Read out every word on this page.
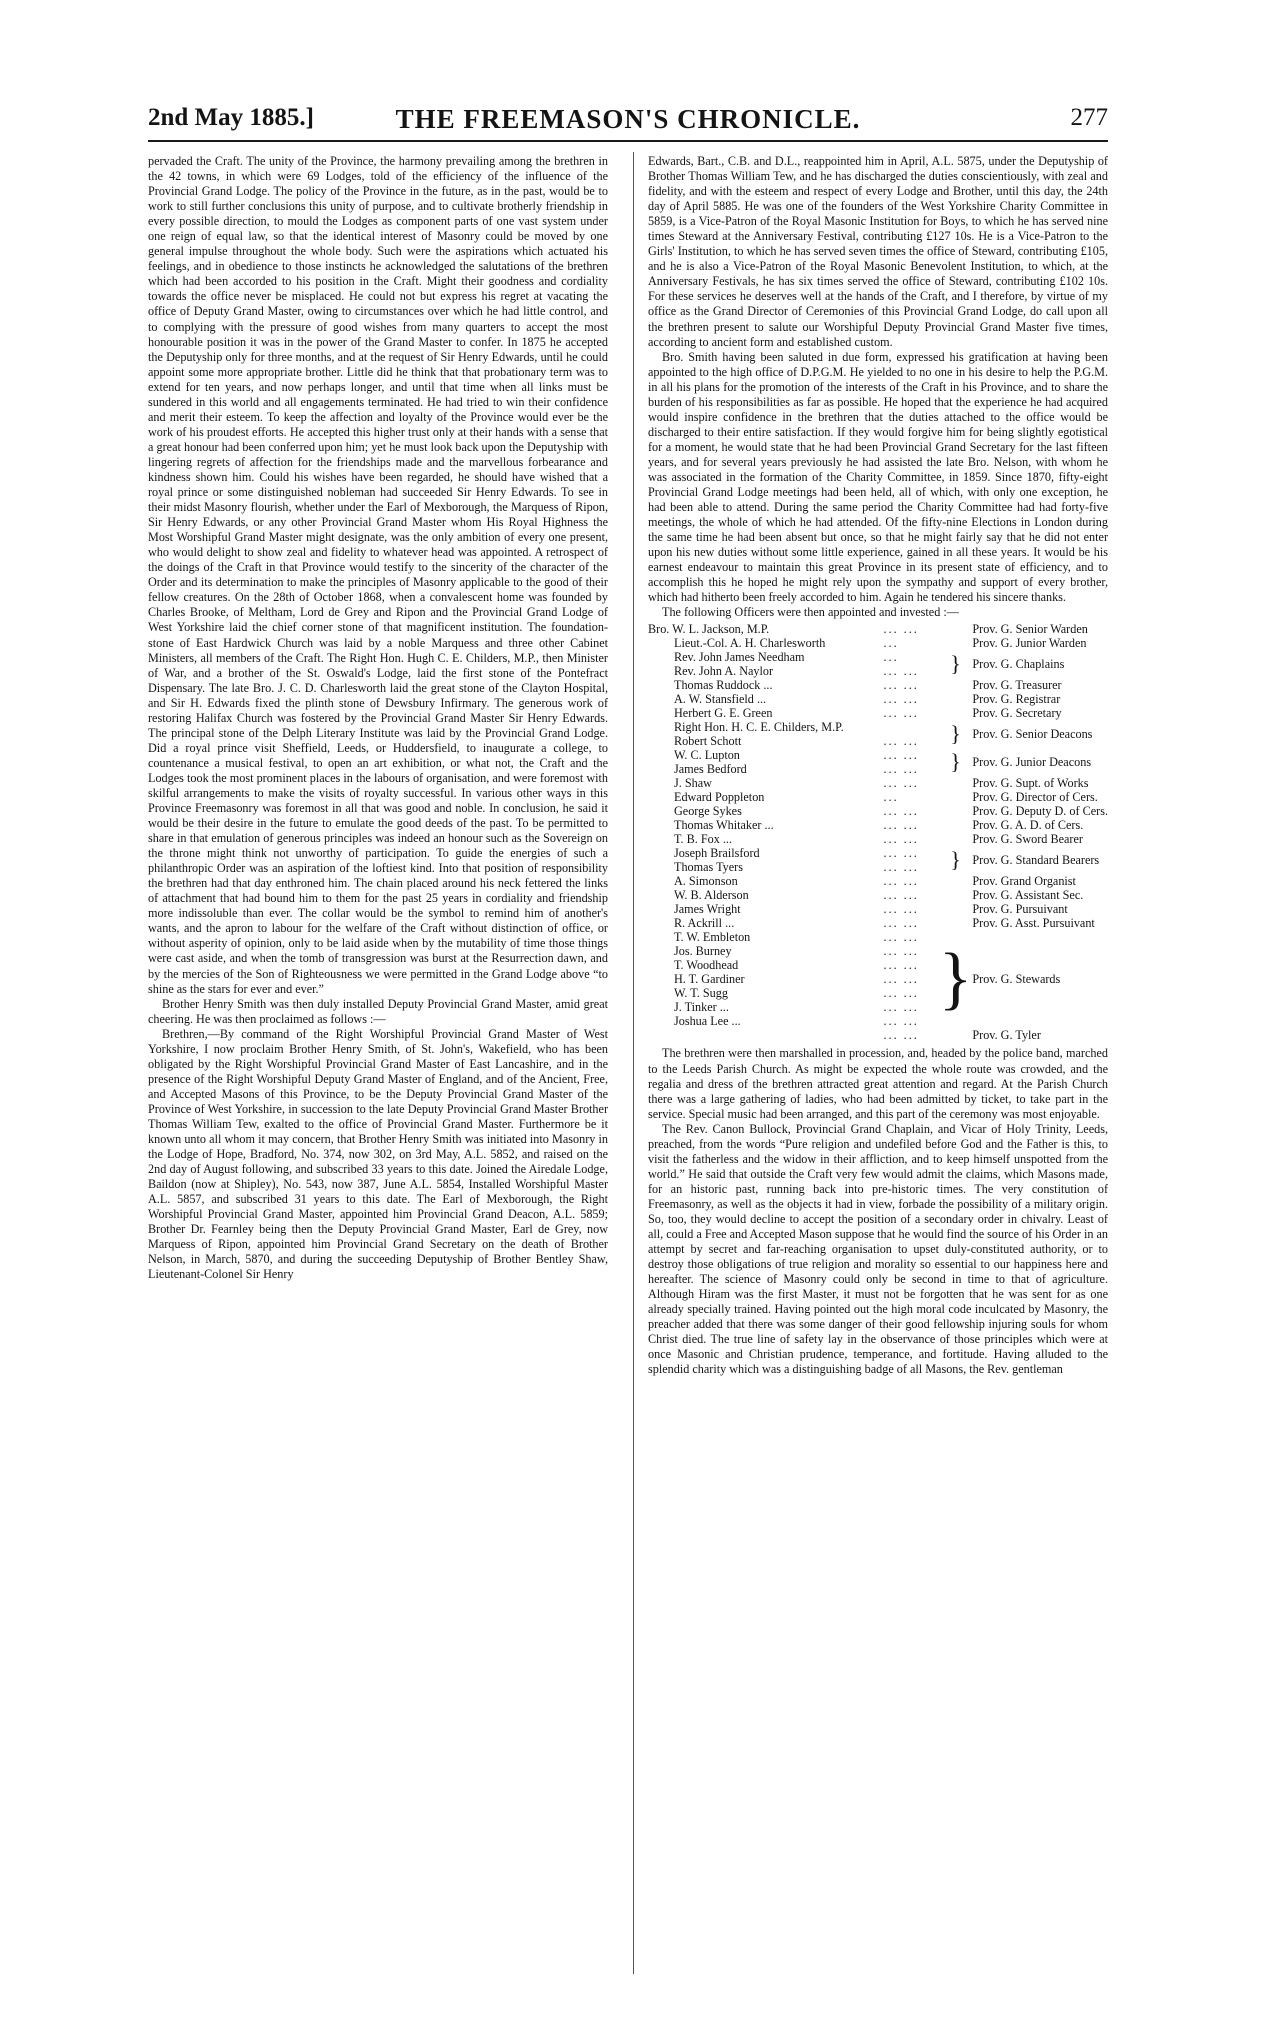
2nd May 1885.]	THE FREEMASON'S CHRONICLE.	277

pervaded the Craft. The unity of the Province, the harmony prevailing among the brethren in the 42 towns, in which were 69 Lodges, told of the efficiency of the influence of the Provincial Grand Lodge. The policy of the Province in the future, as in the past, would be to work to still further conclusions this unity of purpose, and to cultivate brotherly friendship in every possible direction, to mould the Lodges as component parts of one vast system under one reign of equal law, so that the identical interest of Masonry could be moved by one general impulse throughout the whole body. Such were the aspirations which actuated his feelings, and in obedience to those instincts he acknowledged the salutations of the brethren which had been accorded to his position in the Craft. Might their goodness and cordiality towards the office never be misplaced. He could not but express his regret at vacating the office of Deputy Grand Master, owing to circumstances over which he had little control, and to complying with the pressure of good wishes from many quarters to accept the most honourable position it was in the power of the Grand Master to confer. In 1875 he accepted the Deputyship only for three months, and at the request of Sir Henry Edwards, until he could appoint some more appropriate brother. Little did he think that that probationary term was to extend for ten years, and now perhaps longer, and until that time when all links must be sundered in this world and all engagements terminated. He had tried to win their confidence and merit their esteem. To keep the affection and loyalty of the Province would ever be the work of his proudest efforts. He accepted this higher trust only at their hands with a sense that a great honour had been conferred upon him; yet he must look back upon the Deputyship with lingering regrets of affection for the friendships made and the marvellous forbearance and kindness shown him. Could his wishes have been regarded, he should have wished that a royal prince or some distinguished nobleman had succeeded Sir Henry Edwards. To see in their midst Masonry flourish, whether under the Earl of Mexborough, the Marquess of Ripon, Sir Henry Edwards, or any other Provincial Grand Master whom His Royal Highness the Most Worshipful Grand Master might designate, was the only ambition of every one present, who would delight to show zeal and fidelity to whatever head was appointed. A retrospect of the doings of the Craft in that Province would testify to the sincerity of the character of the Order and its determination to make the principles of Masonry applicable to the good of their fellow creatures. On the 28th of October 1868, when a convalescent home was founded by Charles Brooke, of Meltham, Lord de Grey and Ripon and the Provincial Grand Lodge of West Yorkshire laid the chief corner stone of that magnificent institution. The foundation-stone of East Hardwick Church was laid by a noble Marquess and three other Cabinet Ministers, all members of the Craft. The Right Hon. Hugh C. E. Childers, M.P., then Minister of War, and a brother of the St. Oswald's Lodge, laid the first stone of the Pontefract Dispensary. The late Bro. J. C. D. Charlesworth laid the great stone of the Clayton Hospital, and Sir H. Edwards fixed the plinth stone of Dewsbury Infirmary. The generous work of restoring Halifax Church was fostered by the Provincial Grand Master Sir Henry Edwards. The principal stone of the Delph Literary Institute was laid by the Provincial Grand Lodge. Did a royal prince visit Sheffield, Leeds, or Huddersfield, to inaugurate a college, to countenance a musical festival, to open an art exhibition, or what not, the Craft and the Lodges took the most prominent places in the labours of organisation, and were foremost with skilful arrangements to make the visits of royalty successful. In various other ways in this Province Freemasonry was foremost in all that was good and noble. In conclusion, he said it would be their desire in the future to emulate the good deeds of the past. To be permitted to share in that emulation of generous principles was indeed an honour such as the Sovereign on the throne might think not unworthy of participation. To guide the energies of such a philanthropic Order was an aspiration of the loftiest kind. Into that position of responsibility the brethren had that day enthroned him. The chain placed around his neck fettered the links of attachment that had bound him to them for the past 25 years in cordiality and friendship more indissoluble than ever. The collar would be the symbol to remind him of another's wants, and the apron to labour for the welfare of the Craft without distinction of office, or without asperity of opinion, only to be laid aside when by the mutability of time those things were cast aside, and when the tomb of transgression was burst at the Resurrection dawn, and by the mercies of the Son of Righteousness we were permitted in the Grand Lodge above “to shine as the stars for ever and ever.”

Brother Henry Smith was then duly installed Deputy Provincial Grand Master, amid great cheering. He was then proclaimed as follows :—

Brethren,—By command of the Right Worshipful Provincial Grand Master of West Yorkshire, I now proclaim Brother Henry Smith, of St. John's, Wakefield, who has been obligated by the Right Worshipful Provincial Grand Master of East Lancashire, and in the presence of the Right Worshipful Deputy Grand Master of England, and of the Ancient, Free, and Accepted Masons of this Province, to be the Deputy Provincial Grand Master of the Province of West Yorkshire, in succession to the late Deputy Provincial Grand Master Brother Thomas William Tew, exalted to the office of Provincial Grand Master. Furthermore be it known unto all whom it may concern, that Brother Henry Smith was initiated into Masonry in the Lodge of Hope, Bradford, No. 374, now 302, on 3rd May, A.L. 5852, and raised on the 2nd day of August following, and subscribed 33 years to this date. Joined the Airedale Lodge, Baildon (now at Shipley), No. 543, now 387, June A.L. 5854, Installed Worshipful Master A.L. 5857, and subscribed 31 years to this date. The Earl of Mexborough, the Right Worshipful Provincial Grand Master, appointed him Provincial Grand Deacon, A.L. 5859; Brother Dr. Fearnley being then the Deputy Provincial Grand Master, Earl de Grey, now Marquess of Ripon, appointed him Provincial Grand Secretary on the death of Brother Nelson, in March, 5870, and during the succeeding Deputyship of Brother Bentley Shaw, Lieutenant-Colonel Sir Henry

Edwards, Bart., C.B. and D.L., reappointed him in April, A.L. 5875, under the Deputyship of Brother Thomas William Tew, and he has discharged the duties conscientiously, with zeal and fidelity, and with the esteem and respect of every Lodge and Brother, until this day, the 24th day of April 5885. He was one of the founders of the West Yorkshire Charity Committee in 5859, is a Vice-Patron of the Royal Masonic Institution for Boys, to which he has served nine times Steward at the Anniversary Festival, contributing £127 10s. He is a Vice-Patron to the Girls' Institution, to which he has served seven times the office of Steward, contributing £105, and he is also a Vice-Patron of the Royal Masonic Benevolent Institution, to which, at the Anniversary Festivals, he has six times served the office of Steward, contributing £102 10s. For these services he deserves well at the hands of the Craft, and I therefore, by virtue of my office as the Grand Director of Ceremonies of this Provincial Grand Lodge, do call upon all the brethren present to salute our Worshipful Deputy Provincial Grand Master five times, according to ancient form and established custom.

Bro. Smith having been saluted in due form, expressed his gratification at having been appointed to the high office of D.P.G.M. He yielded to no one in his desire to help the P.G.M. in all his plans for the promotion of the interests of the Craft in his Province, and to share the burden of his responsibilities as far as possible. He hoped that the experience he had acquired would inspire confidence in the brethren that the duties attached to the office would be discharged to their entire satisfaction. If they would forgive him for being slightly egotistical for a moment, he would state that he had been Provincial Grand Secretary for the last fifteen years, and for several years previously he had assisted the late Bro. Nelson, with whom he was associated in the formation of the Charity Committee, in 1859. Since 1870, fifty-eight Provincial Grand Lodge meetings had been held, all of which, with only one exception, he had been able to attend. During the same period the Charity Committee had had forty-five meetings, the whole of which he had attended. Of the fifty-nine Elections in London during the same time he had been absent but once, so that he might fairly say that he did not enter upon his new duties without some little experience, gained in all these years. It would be his earnest endeavour to maintain this great Province in its present state of efficiency, and to accomplish this he hoped he might rely upon the sympathy and support of every brother, which had hitherto been freely accorded to him. Again he tendered his sincere thanks.

The following Officers were then appointed and invested :—

Bro. W. L. Jackson, M.P.	... ...		Prov. G. Senior Warden
Lieut.-Col. A. H. Charlesworth	...		Prov. G. Junior Warden
Rev. John James Needham	...	}	Prov. G. Chaplains
Rev. John A. Naylor	... ...		
Thomas Ruddock ...	... ...		Prov. G. Treasurer
A. W. Stansfield ...	... ...		Prov. G. Registrar
Herbert G. E. Green	... ...		Prov. G. Secretary
Right Hon. H. C. E. Childers, M.P.		}	Prov. G. Senior Deacons
Robert Schott	... ...		
W. C. Lupton	... ...	}	Prov. G. Junior Deacons
James Bedford	... ...		
J. Shaw	... ...		Prov. G. Supt. of Works
Edward Poppleton	...		Prov. G. Director of Cers.
George Sykes	... ...		Prov. G. Deputy D. of Cers.
Thomas Whitaker ...	... ...		Prov. G. A. D. of Cers.
T. B. Fox ...	... ...		Prov. G. Sword Bearer
Joseph Brailsford	... ...	}	Prov. G. Standard Bearers
Thomas Tyers	... ...		
A. Simonson	... ...		Prov. Grand Organist
W. B. Alderson	... ...		Prov. G. Assistant Sec.
James Wright	... ...		Prov. G. Pursuivant
R. Ackrill ...	... ...		Prov. G. Asst. Pursuivant
T. W. Embleton	... ...	}	Prov. G. Stewards
Jos. Burney	... ...		
T. Woodhead	... ...		
H. T. Gardiner	... ...		
W. T. Sugg	... ...		
J. Tinker ...	... ...		
Joshua Lee ...	... ...		
	... ...		Prov. G. Tyler

The brethren were then marshalled in procession, and, headed by the police band, marched to the Leeds Parish Church. As might be expected the whole route was crowded, and the regalia and dress of the brethren attracted great attention and regard. At the Parish Church there was a large gathering of ladies, who had been admitted by ticket, to take part in the service. Special music had been arranged, and this part of the ceremony was most enjoyable.

The Rev. Canon Bullock, Provincial Grand Chaplain, and Vicar of Holy Trinity, Leeds, preached, from the words “Pure religion and undefiled before God and the Father is this, to visit the fatherless and the widow in their affliction, and to keep himself unspotted from the world.” He said that outside the Craft very few would admit the claims, which Masons made, for an historic past, running back into pre-historic times. The very constitution of Freemasonry, as well as the objects it had in view, forbade the possibility of a military origin. So, too, they would decline to accept the position of a secondary order in chivalry. Least of all, could a Free and Accepted Mason suppose that he would find the source of his Order in an attempt by secret and far-reaching organisation to upset duly-constituted authority, or to destroy those obligations of true religion and morality so essential to our happiness here and hereafter. The science of Masonry could only be second in time to that of agriculture. Although Hiram was the first Master, it must not be forgotten that he was sent for as one already specially trained. Having pointed out the high moral code inculcated by Masonry, the preacher added that there was some danger of their good fellowship injuring souls for whom Christ died. The true line of safety lay in the observance of those principles which were at once Masonic and Christian prudence, temperance, and fortitude. Having alluded to the splendid charity which was a distinguishing badge of all Masons, the Rev. gentleman
